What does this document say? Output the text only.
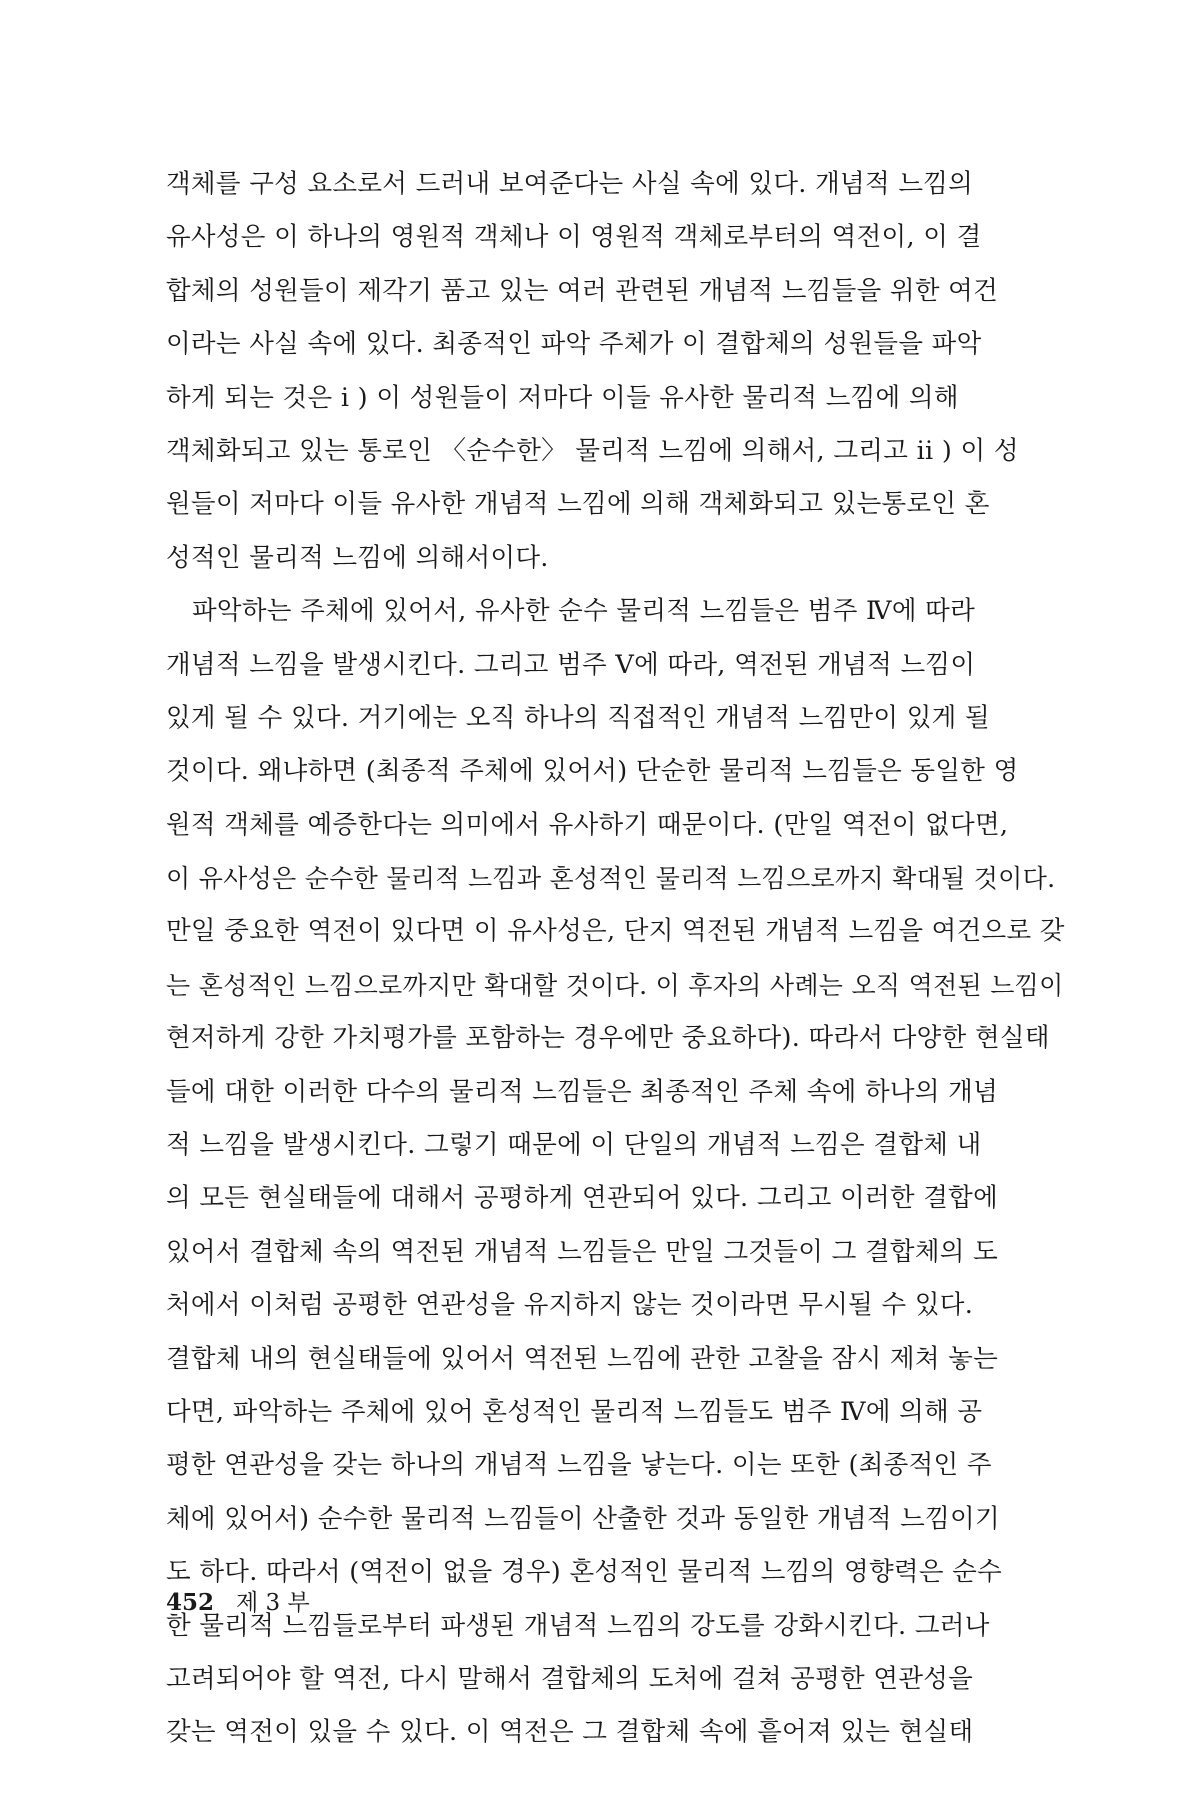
객체를 구성 요소로서 드러내 보여준다는 사실 속에 있다. 개념적 느낌의
유사성은 이 하나의 영원적 객체나 이 영원적 객체로부터의 역전이, 이 결
합체의 성원들이 제각기 품고 있는 여러 관련된 개념적 느낌들을 위한 여건
이라는 사실 속에 있다. 최종적인 파악 주체가 이 결합체의 성원들을 파악
하게 되는 것은 i ) 이 성원들이 저마다 이들 유사한 물리적 느낌에 의해
객체화되고 있는 통로인 〈순수한〉 물리적 느낌에 의해서, 그리고 ii ) 이 성
원들이 저마다 이들 유사한 개념적 느낌에 의해 객체화되고 있는통로인 혼
성적인 물리적 느낌에 의해서이다.
파악하는 주체에 있어서, 유사한 순수 물리적 느낌들은 범주 Ⅳ에 따라
개념적 느낌을 발생시킨다. 그리고 범주 Ⅴ에 따라, 역전된 개념적 느낌이
있게 될 수 있다. 거기에는 오직 하나의 직접적인 개념적 느낌만이 있게 될
것이다. 왜냐하면 (최종적 주체에 있어서) 단순한 물리적 느낌들은 동일한 영
원적 객체를 예증한다는 의미에서 유사하기 때문이다. (만일 역전이 없다면,
이 유사성은 순수한 물리적 느낌과 혼성적인 물리적 느낌으로까지 확대될 것이다.
만일 중요한 역전이 있다면 이 유사성은, 단지 역전된 개념적 느낌을 여건으로 갖
는 혼성적인 느낌으로까지만 확대할 것이다. 이 후자의 사례는 오직 역전된 느낌이
현저하게 강한 가치평가를 포함하는 경우에만 중요하다). 따라서 다양한 현실태
들에 대한 이러한 다수의 물리적 느낌들은 최종적인 주체 속에 하나의 개념
적 느낌을 발생시킨다. 그렇기 때문에 이 단일의 개념적 느낌은 결합체 내
의 모든 현실태들에 대해서 공평하게 연관되어 있다. 그리고 이러한 결합에
있어서 결합체 속의 역전된 개념적 느낌들은 만일 그것들이 그 결합체의 도
처에서 이처럼 공평한 연관성을 유지하지 않는 것이라면 무시될 수 있다.
결합체 내의 현실태들에 있어서 역전된 느낌에 관한 고찰을 잠시 제쳐 놓는
다면, 파악하는 주체에 있어 혼성적인 물리적 느낌들도 범주 Ⅳ에 의해 공
평한 연관성을 갖는 하나의 개념적 느낌을 낳는다. 이는 또한 (최종적인 주
체에 있어서) 순수한 물리적 느낌들이 산출한 것과 동일한 개념적 느낌이기
도 하다. 따라서 (역전이 없을 경우) 혼성적인 물리적 느낌의 영향력은 순수
한 물리적 느낌들로부터 파생된 개념적 느낌의 강도를 강화시킨다. 그러나
고려되어야 할 역전, 다시 말해서 결합체의 도처에 걸쳐 공평한 연관성을
갖는 역전이 있을 수 있다. 이 역전은 그 결합체 속에 흩어져 있는 현실태
452 제 3 부
